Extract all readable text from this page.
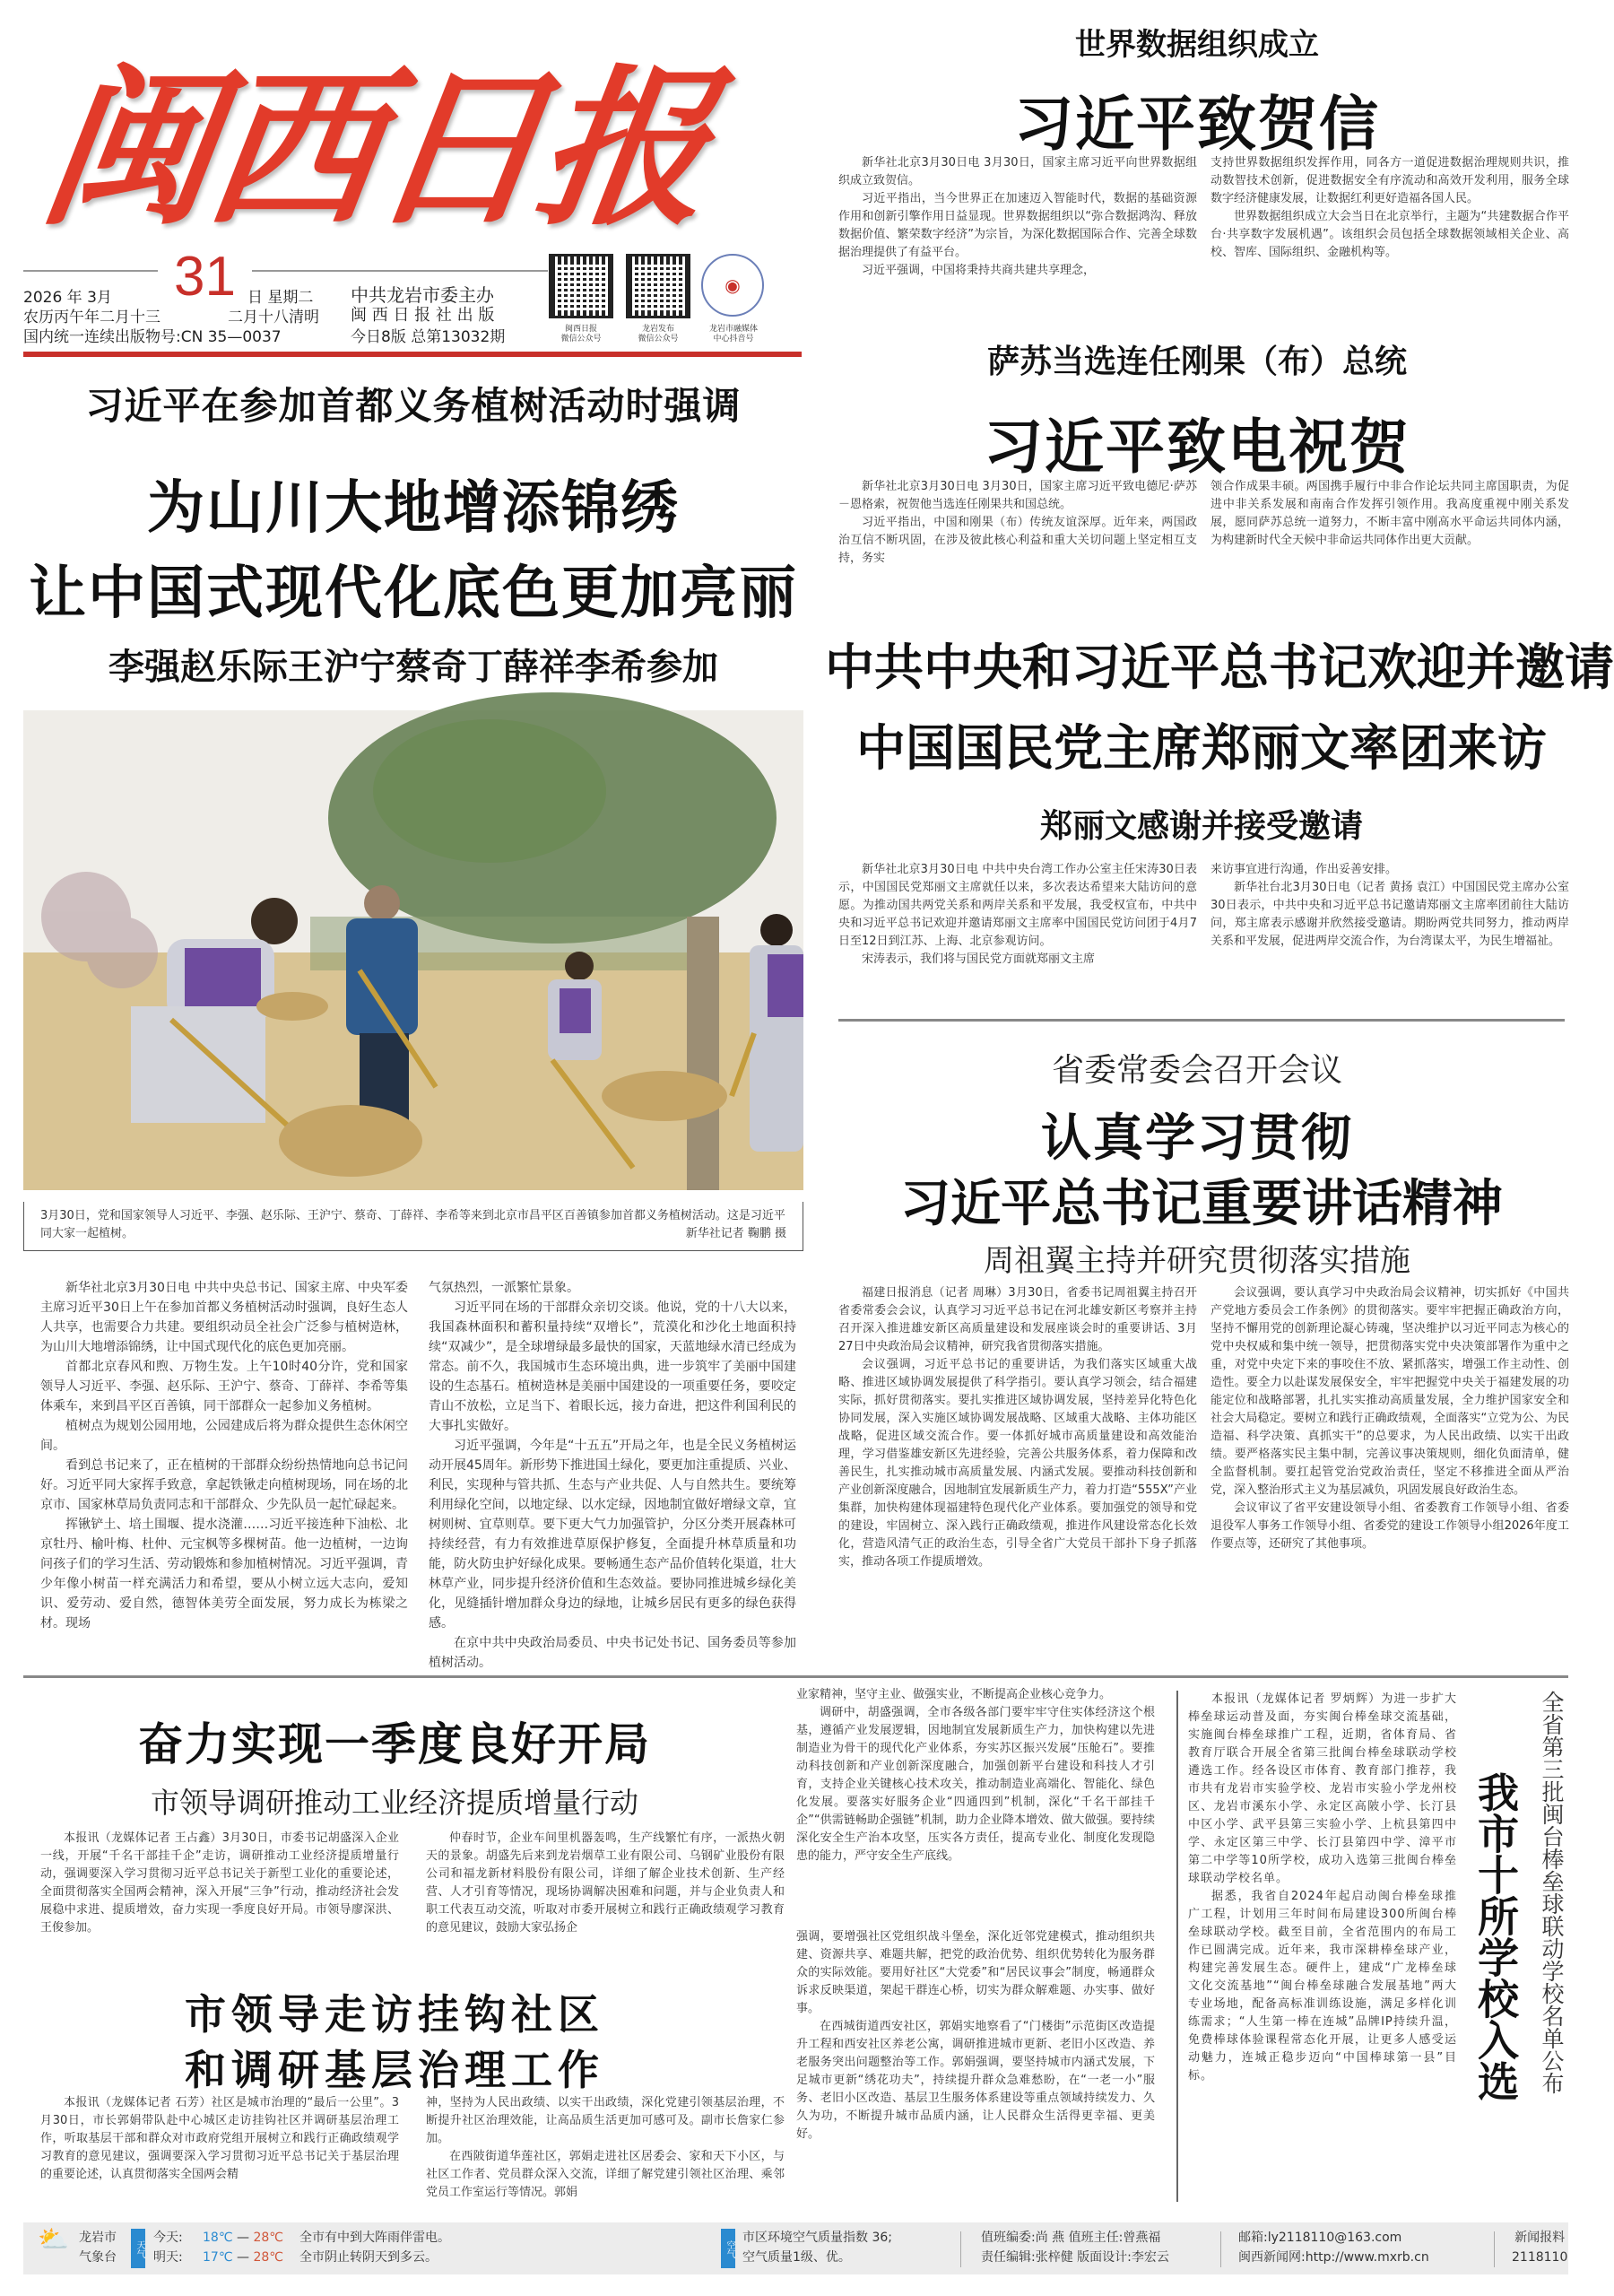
闽西日报
31
2026 年 3月	日 星期二
农历丙午年二月十三	二月十八清明
国内统一连续出版物号:CN 35—0037
中共龙岩市委主办
闽 西 日 报 社 出 版
今日8版 总第13032期	闽西日报
微信公众号
龙岩发布
微信公众号
◉
龙岩市融媒体
中心抖音号
习近平在参加首都义务植树活动时强调
为山川大地增添锦绣
让中国式现代化底色更加亮丽
李强赵乐际王沪宁蔡奇丁薛祥李希参加
3月30日，党和国家领导人习近平、李强、赵乐际、王沪宁、蔡奇、丁薛祥、李希等来到北京市昌平区百善镇参加首都义务植树活动。这是习近平同大家一起植树。	新华社记者 鞠鹏 摄

新华社北京3月30日电 中共中央总书记、国家主席、中央军委主席习近平30日上午在参加首都义务植树活动时强调，良好生态人人共享，也需要合力共建。要组织动员全社会广泛参与植树造林，为山川大地增添锦绣，让中国式现代化的底色更加亮丽。

首都北京春风和煦、万物生发。上午10时40分许，党和国家领导人习近平、李强、赵乐际、王沪宁、蔡奇、丁薛祥、李希等集体乘车，来到昌平区百善镇，同干部群众一起参加义务植树。

植树点为规划公园用地，公园建成后将为群众提供生态休闲空间。

看到总书记来了，正在植树的干部群众纷纷热情地向总书记问好。习近平同大家挥手致意，拿起铁锹走向植树现场，同在场的北京市、国家林草局负责同志和干部群众、少先队员一起忙碌起来。

挥锹铲土、培土围堰、提水浇灌……习近平接连种下油松、北京牡丹、榆叶梅、杜仲、元宝枫等多棵树苗。他一边植树，一边询问孩子们的学习生活、劳动锻炼和参加植树情况。习近平强调，青少年像小树苗一样充满活力和希望，要从小树立远大志向，爱知识、爱劳动、爱自然，德智体美劳全面发展，努力成长为栋梁之材。现场

气氛热烈，一派繁忙景象。

习近平同在场的干部群众亲切交谈。他说，党的十八大以来，我国森林面积和蓄积量持续“双增长”，荒漠化和沙化土地面积持续“双减少”，是全球增绿最多最快的国家，天蓝地绿水清已经成为常态。前不久，我国城市生态环境出典，进一步筑牢了美丽中国建设的生态基石。植树造林是美丽中国建设的一项重要任务，要咬定青山不放松，立足当下、着眼长远，接力奋进，把这件利国利民的大事扎实做好。

习近平强调，今年是“十五五”开局之年，也是全民义务植树运动开展45周年。新形势下推进国土绿化，要更加注重提质、兴业、利民，实现种与管共抓、生态与产业共促、人与自然共生。要统筹利用绿化空间，以地定绿、以水定绿，因地制宜做好增绿文章，宜树则树、宜草则草。要下更大气力加强管护，分区分类开展森林可持续经营，有力有效推进草原保护修复，全面提升林草质量和功能，防火防虫护好绿化成果。要畅通生态产品价值转化渠道，壮大林草产业，同步提升经济价值和生态效益。要协同推进城乡绿化美化，见缝插针增加群众身边的绿地，让城乡居民有更多的绿色获得感。

在京中共中央政治局委员、中央书记处书记、国务委员等参加植树活动。

世界数据组织成立
习近平致贺信

新华社北京3月30日电 3月30日，国家主席习近平向世界数据组织成立致贺信。

习近平指出，当今世界正在加速迈入智能时代，数据的基础资源作用和创新引擎作用日益显现。世界数据组织以“弥合数据鸿沟、释放数据价值、繁荣数字经济”为宗旨，为深化数据国际合作、完善全球数据治理提供了有益平台。

习近平强调，中国将秉持共商共建共享理念，

支持世界数据组织发挥作用，同各方一道促进数据治理规则共识，推动数智技术创新，促进数据安全有序流动和高效开发利用，服务全球数字经济健康发展，让数据红利更好造福各国人民。

世界数据组织成立大会当日在北京举行，主题为“共建数据合作平台·共享数字发展机遇”。该组织会员包括全球数据领域相关企业、高校、智库、国际组织、金融机构等。

萨苏当选连任刚果（布）总统
习近平致电祝贺

新华社北京3月30日电 3月30日，国家主席习近平致电德尼·萨苏－恩格索，祝贺他当选连任刚果共和国总统。

习近平指出，中国和刚果（布）传统友谊深厚。近年来，两国政治互信不断巩固，在涉及彼此核心利益和重大关切问题上坚定相互支持，务实

领合作成果丰硕。两国携手履行中非合作论坛共同主席国职责，为促进中非关系发展和南南合作发挥引领作用。我高度重视中刚关系发展，愿同萨苏总统一道努力，不断丰富中刚高水平命运共同体内涵，为构建新时代全天候中非命运共同体作出更大贡献。

中共中央和习近平总书记欢迎并邀请
中国国民党主席郑丽文率团来访
郑丽文感谢并接受邀请

新华社北京3月30日电 中共中央台湾工作办公室主任宋涛30日表示，中国国民党郑丽文主席就任以来，多次表达希望来大陆访问的意愿。为推动国共两党关系和两岸关系和平发展，我受权宣布，中共中央和习近平总书记欢迎并邀请郑丽文主席率中国国民党访问团于4月7日至12日到江苏、上海、北京参观访问。

宋涛表示，我们将与国民党方面就郑丽文主席

来访事宜进行沟通，作出妥善安排。

新华社台北3月30日电（记者 黄扬 袁江）中国国民党主席办公室30日表示，中共中央和习近平总书记邀请郑丽文主席率团前往大陆访问，郑主席表示感谢并欣然接受邀请。期盼两党共同努力，推动两岸关系和平发展，促进两岸交流合作，为台湾谋太平，为民生增福祉。

省委常委会召开会议
认真学习贯彻
习近平总书记重要讲话精神
周祖翼主持并研究贯彻落实措施

福建日报消息（记者 周琳）3月30日，省委书记周祖翼主持召开省委常委会会议，认真学习习近平总书记在河北雄安新区考察并主持召开深入推进雄安新区高质量建设和发展座谈会时的重要讲话、3月27日中央政治局会议精神，研究我省贯彻落实措施。

会议强调，习近平总书记的重要讲话，为我们落实区域重大战略、推进区域协调发展提供了科学指引。要认真学习领会，结合福建实际，抓好贯彻落实。要扎实推进区域协调发展，坚持差异化特色化协同发展，深入实施区域协调发展战略、区域重大战略、主体功能区战略，促进区域交流合作。要一体抓好城市高质量建设和高效能治理，学习借鉴雄安新区先进经验，完善公共服务体系，着力保障和改善民生，扎实推动城市高质量发展、内涵式发展。要推动科技创新和产业创新深度融合，因地制宜发展新质生产力，着力打造“555X”产业集群，加快构建体现福建特色现代化产业体系。要加强党的领导和党的建设，牢固树立、深入践行正确政绩观，推进作风建设常态化长效化，营造风清气正的政治生态，引导全省广大党员干部扑下身子抓落实，推动各项工作提质增效。

会议强调，要认真学习中央政治局会议精神，切实抓好《中国共产党地方委员会工作条例》的贯彻落实。要牢牢把握正确政治方向，坚持不懈用党的创新理论凝心铸魂，坚决维护以习近平同志为核心的党中央权威和集中统一领导，把贯彻落实党中央决策部署作为重中之重，对党中央定下来的事咬住不放、紧抓落实，增强工作主动性、创造性。要全力以赴谋发展保安全，牢牢把握党中央关于福建发展的功能定位和战略部署，扎扎实实推动高质量发展，全力维护国家安全和社会大局稳定。要树立和践行正确政绩观，全面落实“立党为公、为民造福、科学决策、真抓实干”的总要求，为人民出政绩、以实干出政绩。要严格落实民主集中制，完善议事决策规则，细化负面清单，健全监督机制。要扛起管党治党政治责任，坚定不移推进全面从严治党，深入整治形式主义为基层减负，巩固发展良好政治生态。

会议审议了省平安建设领导小组、省委教育工作领导小组、省委退役军人事务工作领导小组、省委党的建设工作领导小组2026年度工作要点等，还研究了其他事项。

奋力实现一季度良好开局
市领导调研推动工业经济提质增量行动

本报讯（龙媒体记者 王占鑫）3月30日，市委书记胡盛深入企业一线，开展“千名干部挂千企”走访，调研推动工业经济提质增量行动，强调要深入学习贯彻习近平总书记关于新型工业化的重要论述，全面贯彻落实全国两会精神，深入开展“三争”行动，推动经济社会发展稳中求进、提质增效，奋力实现一季度良好开局。市领导廖深洪、王俊参加。

仲春时节，企业车间里机器轰鸣，生产线繁忙有序，一派热火朝天的景象。胡盛先后来到龙岩烟草工业有限公司、乌钢矿业股份有限公司和福龙新材料股份有限公司，详细了解企业技术创新、生产经营、人才引育等情况，现场协调解决困难和问题，并与企业负责人和职工代表互动交流，听取对市委开展树立和践行正确政绩观学习教育的意见建议，鼓励大家弘扬企

业家精神，坚守主业、做强实业，不断提高企业核心竞争力。

调研中，胡盛强调，全市各级各部门要牢牢守住实体经济这个根基，遵循产业发展逻辑，因地制宜发展新质生产力，加快构建以先进制造业为骨干的现代化产业体系，夯实苏区振兴发展“压舱石”。要推动科技创新和产业创新深度融合，加强创新平台建设和科技人才引育，支持企业关键核心技术攻关，推动制造业高端化、智能化、绿色化发展。要落实好服务企业“四通四到”机制，深化“千名干部挂千企”“供需链畅助企强链”机制，助力企业降本增效、做大做强。要持续深化安全生产治本攻坚，压实各方责任，提高专业化、制度化发现隐患的能力，严守安全生产底线。

市领导走访挂钩社区
和调研基层治理工作

本报讯（龙媒体记者 石芳）社区是城市治理的“最后一公里”。3月30日，市长郭娟带队赴中心城区走访挂钩社区并调研基层治理工作，听取基层干部和群众对市政府党组开展树立和践行正确政绩观学习教育的意见建议，强调要深入学习贯彻习近平总书记关于基层治理的重要论述，认真贯彻落实全国两会精

神，坚持为人民出政绩、以实干出政绩，深化党建引领基层治理，不断提升社区治理效能，让高品质生活更加可感可及。副市长詹家仁参加。

在西陂街道华莲社区，郭娟走进社区居委会、家和天下小区，与社区工作者、党员群众深入交流，详细了解党建引领社区治理、乘邻党员工作室运行等情况。郭娟

强调，要增强社区党组织战斗堡垒，深化近邻党建模式，推动组织共建、资源共享、难题共解，把党的政治优势、组织优势转化为服务群众的实际效能。要用好社区“大党委”和“居民议事会”制度，畅通群众诉求反映渠道，架起干群连心桥，切实为群众解难题、办实事、做好事。

在西城街道西安社区，郭娟实地察看了“门楼街”示范街区改造提升工程和西安社区养老公寓，调研推进城市更新、老旧小区改造、养老服务突出问题整治等工作。郭娟强调，要坚持城市内涵式发展，下足城市更新“绣花功夫”，持续提升群众急难愁盼，在“一老一小”服务、老旧小区改造、基层卫生服务体系建设等重点领域持续发力、久久为功，不断提升城市品质内涵，让人民群众生活得更幸福、更美好。

本报讯（龙媒体记者 罗炳辉）为进一步扩大棒垒球运动普及面，夯实闽台棒垒球交流基础，实施闽台棒垒球推广工程，近期，省体育局、省教育厅联合开展全省第三批闽台棒垒球联动学校遴选工作。经各设区市体育、教育部门推荐，我市共有龙岩市实验学校、龙岩市实验小学龙州校区、龙岩市溪东小学、永定区高陂小学、长汀县中区小学、武平县第三实验小学、上杭县第四中学、永定区第三中学、长汀县第四中学、漳平市第二中学等10所学校，成功入选第三批闽台棒垒球联动学校名单。

据悉，我省自2024年起启动闽台棒垒球推广工程，计划用三年时间布局建设300所闽台棒垒球联动学校。截至目前，全省范围内的布局工作已圆满完成。近年来，我市深耕棒垒球产业，构建完善发展生态。硬件上，建成“广龙棒垒球文化交流基地”“闽台棒垒球融合发展基地”两大专业场地，配备高标准训练设施，满足多样化训练需求；“人生第一棒在连城”品牌IP持续升温，免费棒球体验课程常态化开展，让更多人感受运动魅力，连城正稳步迈向“中国棒球第一县”目标。	我市十所学校入选 全省第三批闽台棒垒球联动学校名单公布
⛅ 龙岩市
气象台	天气
今天:
明天:
18℃ — 28℃
17℃ — 28℃
全市有中到大阵雨伴雷电。
全市阴止转阴天到多云。	空气
市区环境空气质量指数 36;
空气质量1级、优。
值班编委:尚 燕 值班主任:曾燕福
责任编辑:张梓健 版面设计:李宏云
邮箱:ly2118110@163.com
闽西新闻网:http://www.mxrb.cn
新闻报料
2118110
